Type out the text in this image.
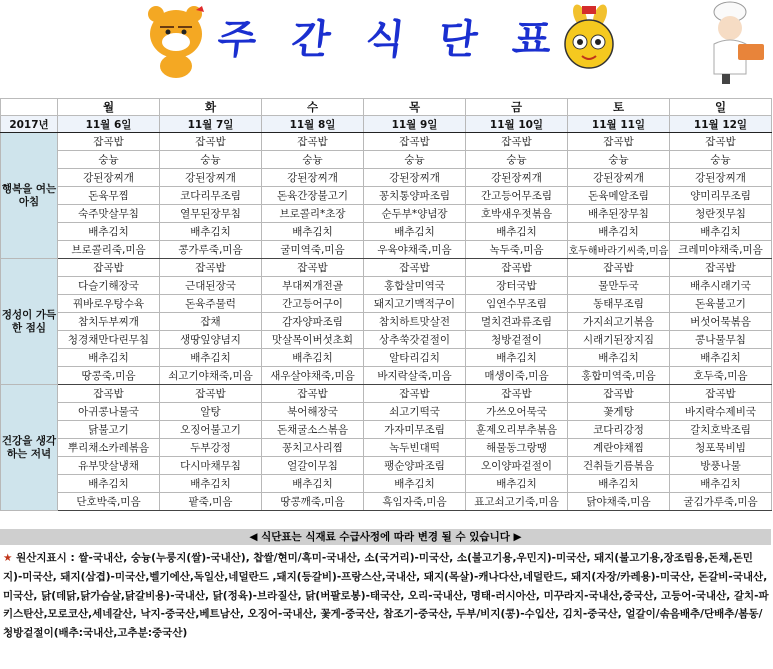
주 간 식 단 표
	월	화	수	목	금	토	일
2017년	11월 6일	11월 7일	11월 8일	11월 9일	11월 10일	11월 11일	11월 12일
행복을 여는 아침	잡곡밥	잡곡밥	잡곡밥	잡곡밥	잡곡밥	잡곡밥	잡곡밥
	숭늉	숭늉	숭늉	숭늉	숭늉	숭늉	숭늉
	강된장찌개	강된장찌개	강된장찌개	강된장찌개	강된장찌개	강된장찌개	강된장찌개
	돈육무찜	코다리무조림	돈육간장불고기	꽁치통양파조림	간고등어무조림	돈육메알조림	양미리무조림
	숙주맛살무침	열무된장무침	브로콜리*초장	순두부*양념장	호박새우젓볶음	배추된장무침	청란젓무침
	배추김치	배추김치	배추김치	배추김치	배추김치	배추김치	배추김치
	브로콜리죽,미음	콩가루죽,미음	굴미역죽,미음	우육야채죽,미음	녹두죽,미음	호두해바라기씨죽,미음	크레미야채죽,미음
정성이 가득한 점심	잡곡밥	잡곡밥	잡곡밥	잡곡밥	잡곡밥	잡곡밥	잡곡밥
	다슬기해장국	근대된장국	부대찌개전골	홍합살미역국	장터국밥	물만두국	배추시래기국
	꿔바로우탕수육	돈육주물럭	간고등어구이	돼지고기맥적구이	임연수무조림	동태무조림	돈육불고기
	참치두부찌개	잡채	감자양파조림	참치하트맛살전	멸치견과류조림	가지쇠고기볶음	버섯어묵볶음
	청경채만다린무침	생땅잎양념지	맛살목이버섯초회	상추쑥갓겉절이	청방겉절이	시래기된장지짐	콩나물무침
	배추김치	배추김치	배추김치	알타리김치	배추김치	배추김치	배추김치
	땅콩죽,미음	쇠고기야채죽,미음	새우살야채죽,미음	바지락살죽,미음	매생이죽,미음	홍합미역죽,미음	호두죽,미음
건강을 생각하는 저녁	잡곡밥	잡곡밥	잡곡밥	잡곡밥	잡곡밥	잡곡밥	잡곡밥
	아귀콩나물국	알탕	북어해장국	쇠고기떡국	가쓰오어묵국	꽃게탕	바지락수제비국
	닭불고기	오징어불고기	돈채굴소스볶음	가자미무조림	훈제오리부추볶음	코다리강정	갈치호박조림
	뿌리채소카레볶음	두부강정	꽁치고사리찜	녹두빈대떡	해물동그랑땡	계란야채찜	청포묵비빔
	유부맛살냉채	다시마채무침	얼갈이무침	팽순양파조림	오이양파겉절이	건취들기름볶음	방풍나물
	배추김치	배추김치	배추김치	배추김치	배추김치	배추김치	배추김치
	단호박죽,미음	팥죽,미음	땅콩깨죽,미음	흑임자죽,미음	표고쇠고기죽,미음	닭야채죽,미음	굴김가루죽,미음
◀ 식단표는 식재료 수급사정에 따라 변경 될 수 있습니다 ▶
★ 원산지표시 : 쌀-국내산, 숭늉(누룽지(쌀)-국내산), 찹쌀/현미/흑미-국내산, 소(국거리)-미국산, 소(불고기용,우민지)-미국산, 돼지(불고기용,장조림용,돈채,돈민지)-미국산, 돼지(삼겹)-미국산,벨기에산,독일산,네덜란드 ,돼지(등갈비)-프랑스산,국내산, 돼지(목살)-캐나다산,네덜란드, 돼지(자장/카레용)-미국산, 돈갈비-국내산,미국산, 닭(데닭,닭가슴살,닭갈비용)-국내산, 닭(정육)-브라질산, 닭(버팔로봉)-태국산, 오리-국내산, 명태-러시아산, 미꾸라지-국내산,중국산, 고등어-국내산, 갈치-파키스탄산,모로코산,세네갈산, 낙지-중국산,베트남산, 오징어-국내산, 꽃게-중국산, 참조기-중국산, 두부/비지(콩)-수입산, 김치-중국산, 얼갈이/솎음배추/단배추/봄동/청방겉절이(배추:국내산,고추분:중국산)
